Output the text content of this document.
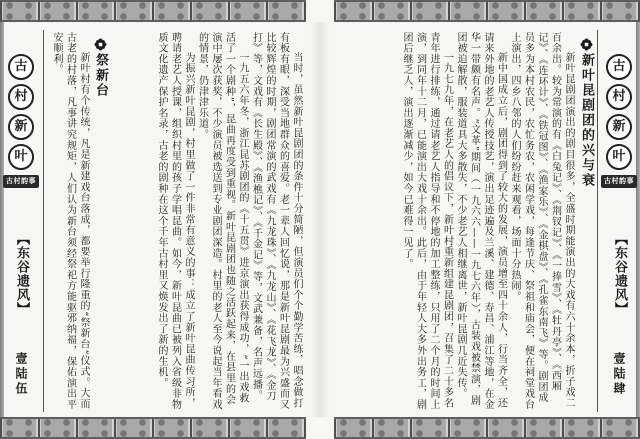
古
村
新
叶
古村韵事
【东谷遗风】
壹陆伍	当时，虽然新叶昆剧团的条件十分简陋，但演员们个个勤学苦练，唱念做打有板有眼，深受当地群众的喜爱。老一辈人回忆说，那是新叶昆剧最为兴盛而又比较辉煌的时期，剧团常演的武戏有《九龙珠》、《九龙山》、《花飞龙》、《金刀打》等，文戏有《长生殿》、《渔樵记》、《千金记》等，文武兼备，名声远播。

一九五六年冬，浙江昆苏剧团的《十五贯》进京演出获得成功，“一出戏救活了一个剧种”，昆曲再度受到重视。新叶昆剧团也随之活跃起来，在县里的会演中屡次获奖，不少演员被选送到专业剧团深造。村里的老人至今说起当年看戏的情景，仍津津乐道。

为振兴新叶昆剧，村里做了一件非常有意义的事：成立了新叶昆曲传习所，聘请老艺人授课，组织村里的孩子学唱昆曲。如今，新叶昆曲已被列入省级非物质文化遗产保护名录，古老的剧种在这个千年古村里又焕发出了新的生机。

祭新台

新叶村有个传统，凡是新建戏台落成，都要举行隆重的“祭新台”仪式。大而古老的村落，凡事讲究规矩，人们认为新台须经祭祀方能驱邪纳福，保佑演出平安顺利。	新叶昆剧团的兴与衰

新叶昆剧团演出的剧目很多，全盛时期能演出的大戏有六十余本，折子戏二百余出。较为常演的有《白兔记》、《荆钗记》、《一捧雪》、《牡丹亭》、《西厢记》、《连环计》、《铁冠图》、《渔家乐》、《金棋盘》、《孔雀东南飞》等。剧团成员多为本村农民，农忙务农，农闲学戏，每逢节庆、祭祖和庙会，便在祠堂戏台上演出，四乡八邻的人们纷纷赶来观看，场面十分热闹。

新中国成立后，剧团得到了较大的发展，演员增至四十余人，行当齐全，还请来外地的老艺人传授技艺，演出足迹遍及兰溪、建德、寿昌、浦江等地，在金华一带颇有名声。“文革”期间（一九六六——一九七六年），古装戏被禁演，剧团被迫解散，服装道具大多散失，不少老艺人相继离世，新叶昆剧几近失传。

一九七九年，在老艺人的倡议下，新叶村重新组建昆剧团，召集了二十多名青年进行排练，通过请老艺人指导和不停地的加工整练，只用了二个月的时间上演，到同年十二月，已能演出大戏十余出。此后，由于年轻人大多外出务工，剧团后继乏人，演出逐渐减少，如今已难得一见了。	古
村
新
叶
古村韵事
【东谷遗风】
壹陆肆
